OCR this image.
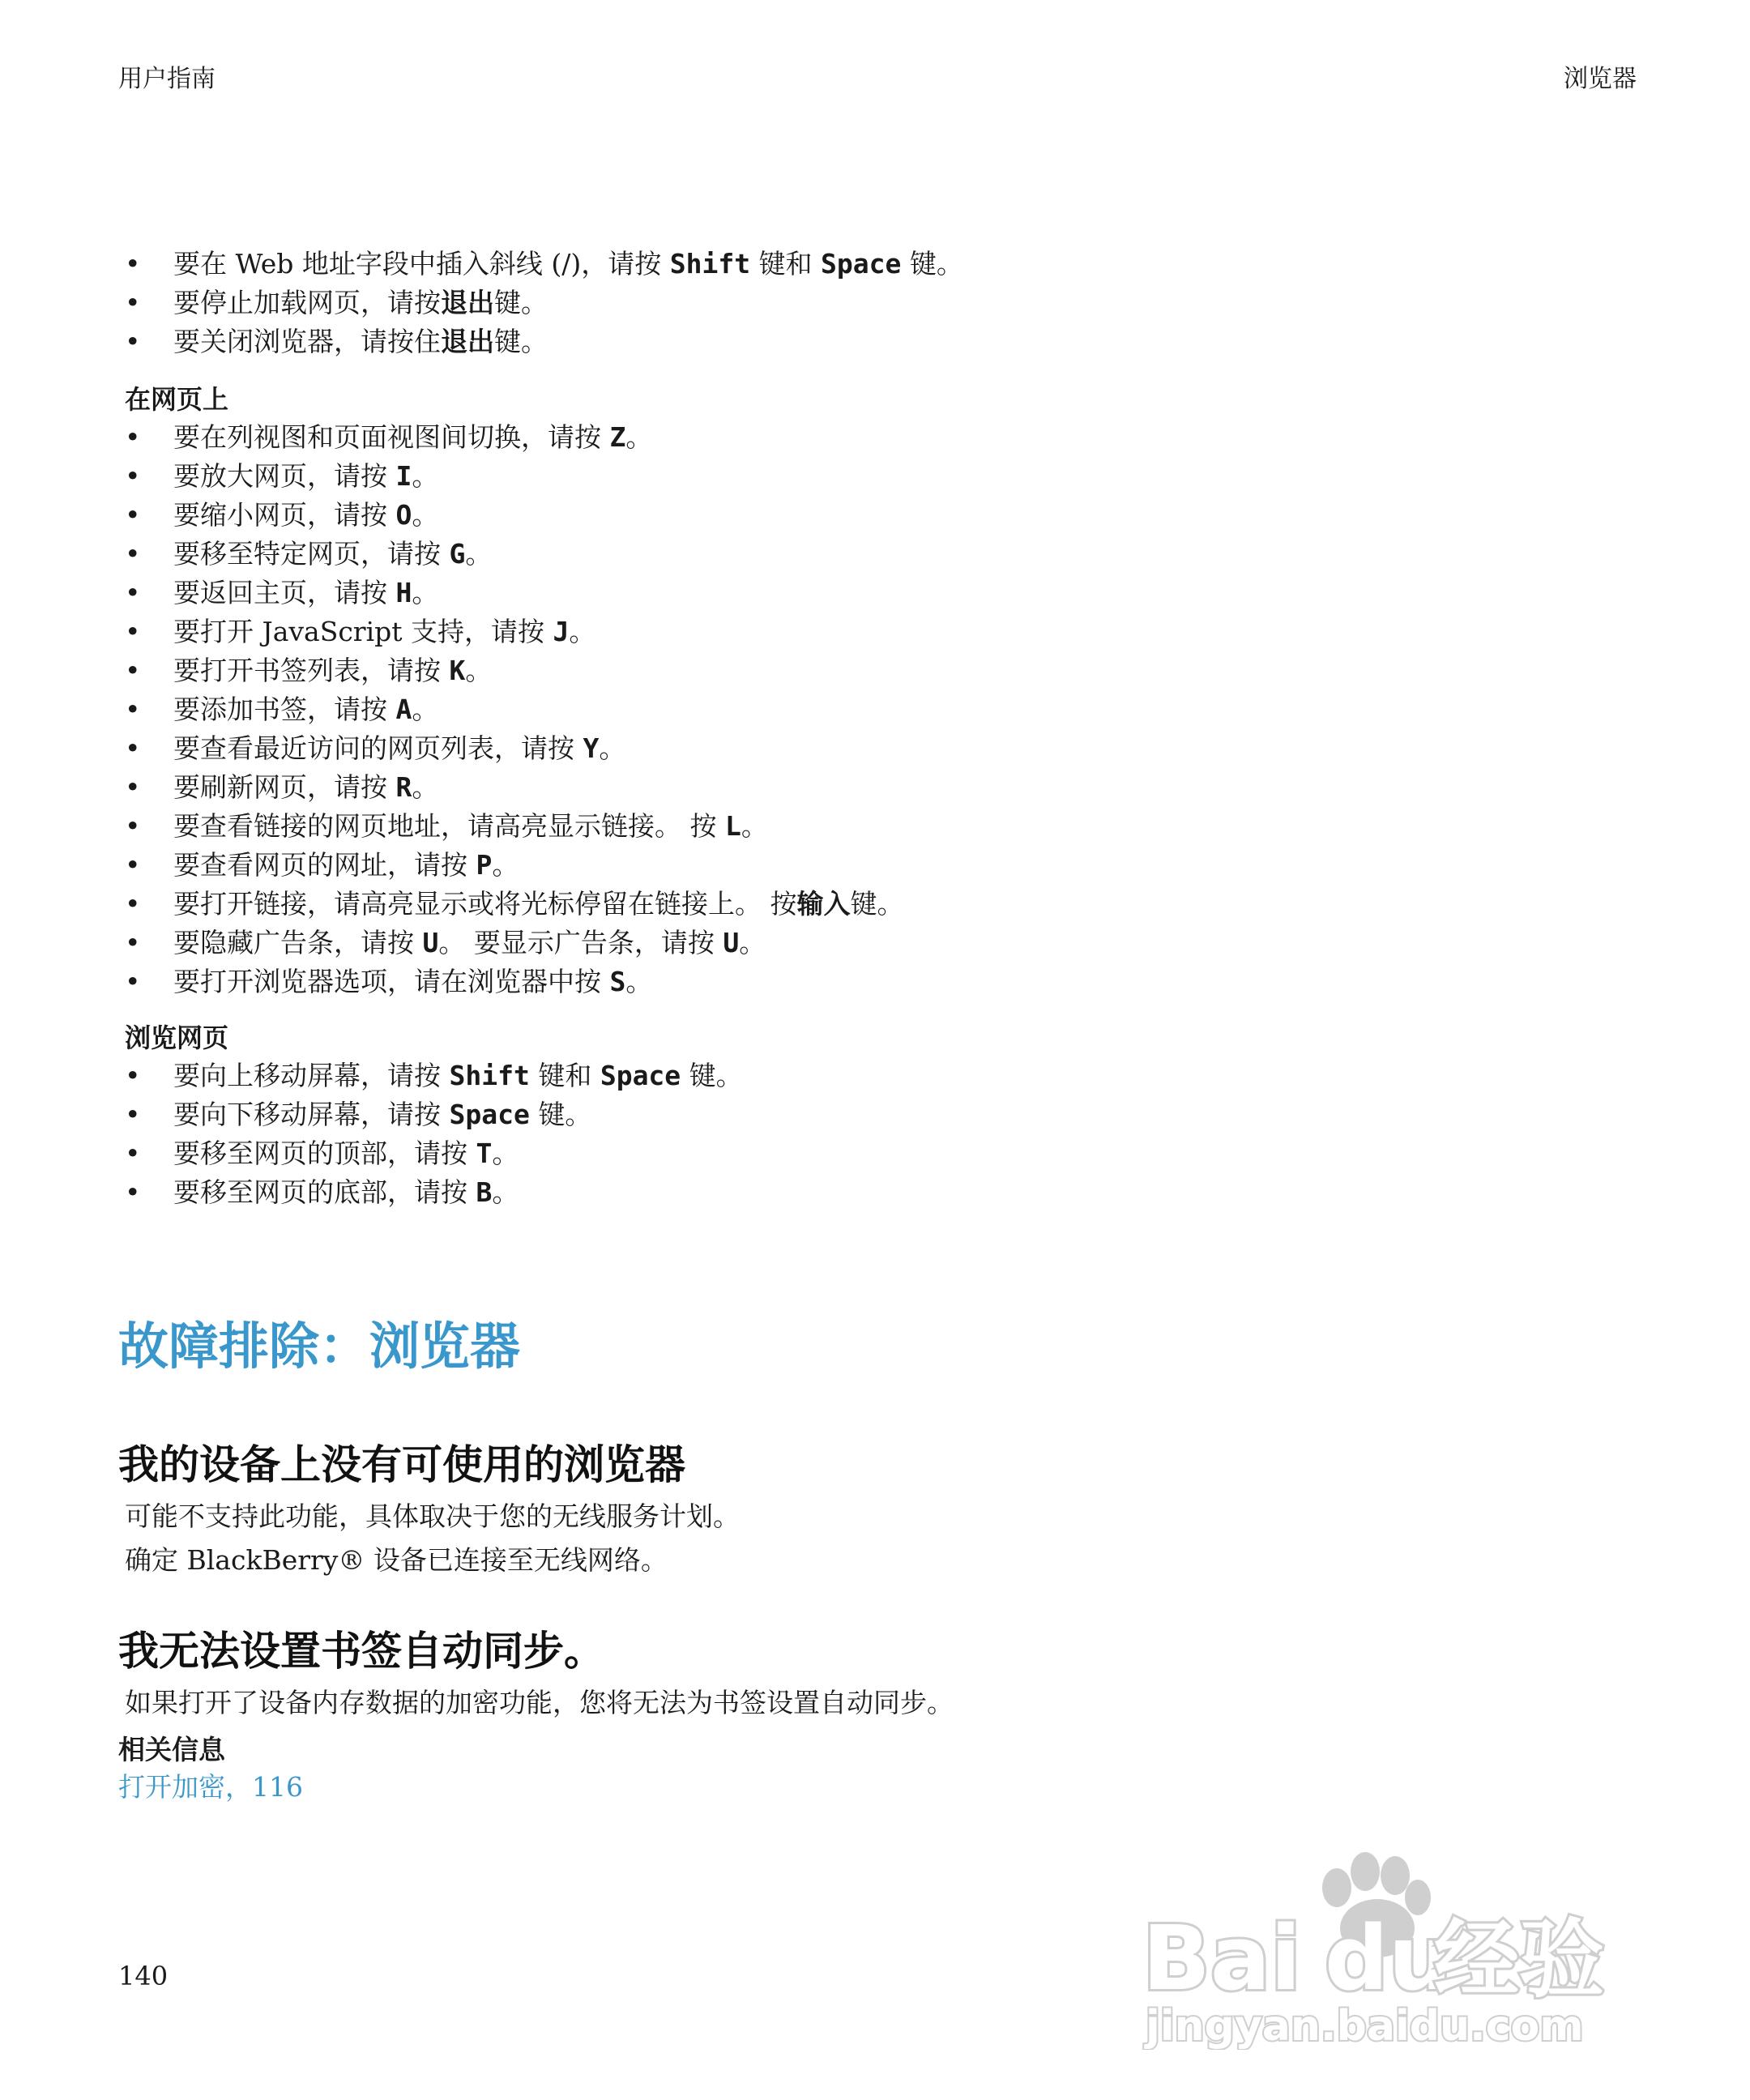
用户指南	浏览器
• 要在 Web 地址字段中插入斜线 (/)，请按 Shift 键和 Space 键。
• 要停止加载网页，请按退出键。
• 要关闭浏览器，请按住退出键。
在网页上
• 要在列视图和页面视图间切换，请按 Z。
• 要放大网页，请按 I。
• 要缩小网页，请按 O。
• 要移至特定网页，请按 G。
• 要返回主页，请按 H。
• 要打开 JavaScript 支持，请按 J。
• 要打开书签列表，请按 K。
• 要添加书签，请按 A。
• 要查看最近访问的网页列表，请按 Y。
• 要刷新网页，请按 R。
• 要查看链接的网页地址，请高亮显示链接。 按 L。
• 要查看网页的网址，请按 P。
• 要打开链接，请高亮显示或将光标停留在链接上。 按输入键。
• 要隐藏广告条，请按 U。 要显示广告条，请按 U。
• 要打开浏览器选项，请在浏览器中按 S。
浏览网页
• 要向上移动屏幕，请按 Shift 键和 Space 键。
• 要向下移动屏幕，请按 Space 键。
• 要移至网页的顶部，请按 T。
• 要移至网页的底部，请按 B。
故障排除：浏览器
我的设备上没有可使用的浏览器
可能不支持此功能，具体取决于您的无线服务计划。
确定 BlackBerry® 设备已连接至无线网络。
我无法设置书签自动同步。
如果打开了设备内存数据的加密功能，您将无法为书签设置自动同步。
相关信息
打开加密，116
140	Bai du
经验
jingyan.baidu.com
